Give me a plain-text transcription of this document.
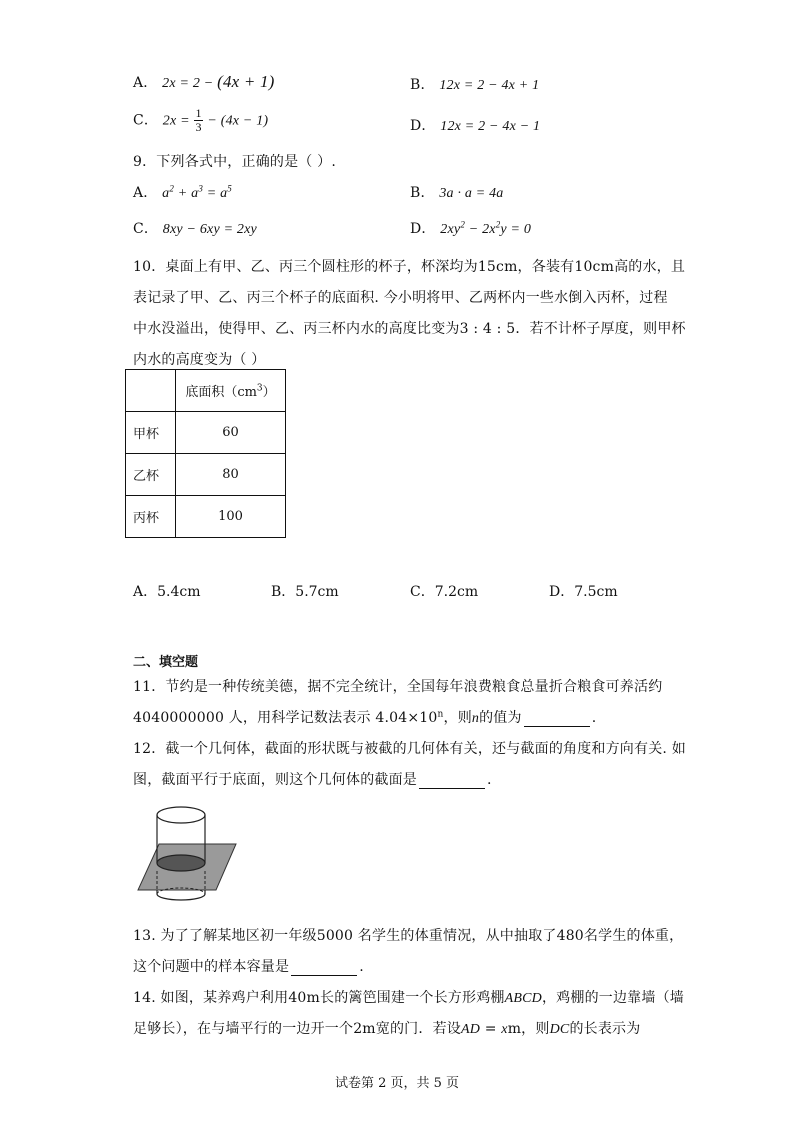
A． 2x = 2 − (4x + 1)	B． 12x = 2 − 4x + 1
C． $2x = \frac{1}{3} - (4x - 1)$	D． 12x = 2 − 4x − 1
9．下列各式中，正确的是（ ）.
A． $a^2 + a^3 = a^5$	B． 3a · a = 4a
C． 8xy − 6xy = 2xy	D． $2xy^2 - 2x^2y = 0$
10．桌面上有甲、乙、丙三个圆柱形的杯子，杯深均为15cm，各装有10cm高的水，且
表记录了甲、乙、丙三个杯子的底面积. 今小明将甲、乙两杯内一些水倒入丙杯，过程
中水没溢出，使得甲、乙、丙三杯内水的高度比变为3 : 4 : 5．若不计杯子厚度，则甲杯
内水的高度变为（ ）
	底面积$(cm^3)$
甲杯	60
乙杯	80
丙杯	100
A．5.4cm	B．5.7cm	C．7.2cm	D．7.5cm
二、填空题
11．节约是一种传统美德，据不完全统计，全国每年浪费粮食总量折合粮食可养活约
4040000000 人，用科学记数法表示 $4.04\times 10^n$，则n的值为	.
12．截一个几何体，截面的形状既与被截的几何体有关，还与截面的角度和方向有关. 如
图，截面平行于底面，则这个几何体的截面是	.
13. 为了了解某地区初一年级5000 名学生的体重情况，从中抽取了480名学生的体重，
这个问题中的样本容量是	.
14. 如图，某养鸡户利用40m长的篱笆围建一个长方形鸡棚ABCD，鸡棚的一边靠墙（墙
足够长），在与墙平行的一边开一个2m宽的门．若设AD = xm，则DC的长表示为
试卷第 2 页，共 5 页
